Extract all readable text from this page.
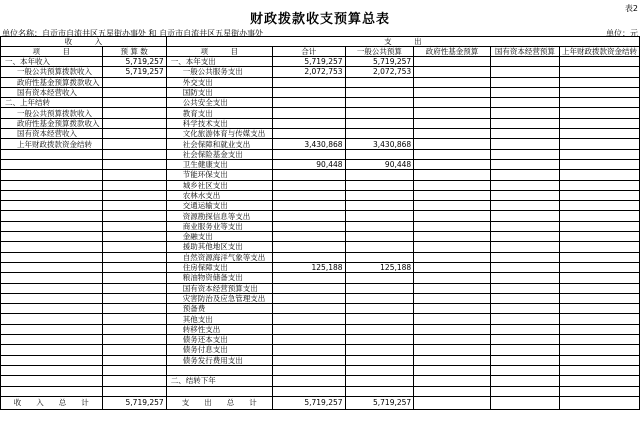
表2
财政拨款收支预算总表
单位名称：自贡市自流井区五星街办事处 和 自贡市自流井区五星街办事处	单位：元
收　　　入		支　　　出					
项　　　目	预 算 数	项　　　目	合计	一般公共预算	政府性基金预算	国有资本经营预算	上年财政拨款资金结转
一、本年收入	5,719,257	一、本年支出	5,719,257	5,719,257			
一般公共预算拨款收入	5,719,257	一般公共服务支出	2,072,753	2,072,753			
政府性基金预算拨款收入		外交支出					
国有资本经营收入		国防支出					
二、上年结转		公共安全支出					
一般公共预算拨款收入		教育支出					
政府性基金预算拨款收入		科学技术支出					
国有资本经营收入		文化旅游体育与传媒支出					
上年财政拨款资金结转		社会保障和就业支出	3,430,868	3,430,868			
		社会保险基金支出					
		卫生健康支出	90,448	90,448			
		节能环保支出					
		城乡社区支出					
		农林水支出					
		交通运输支出					
		资源勘探信息等支出					
		商业服务业等支出					
		金融支出					
		援助其他地区支出					
		自然资源海洋气象等支出					
		住房保障支出	125,188	125,188			
		粮油物资储备支出					
		国有资本经营预算支出					
		灾害防治及应急管理支出					
		预备费					
		其他支出					
		转移性支出					
		债务还本支出					
		债务付息支出					
		债务发行费用支出					

		二、结转下年					

收　　入　　总　　计	5,719,257	支　　出　　总　　计	5,719,257	5,719,257			
